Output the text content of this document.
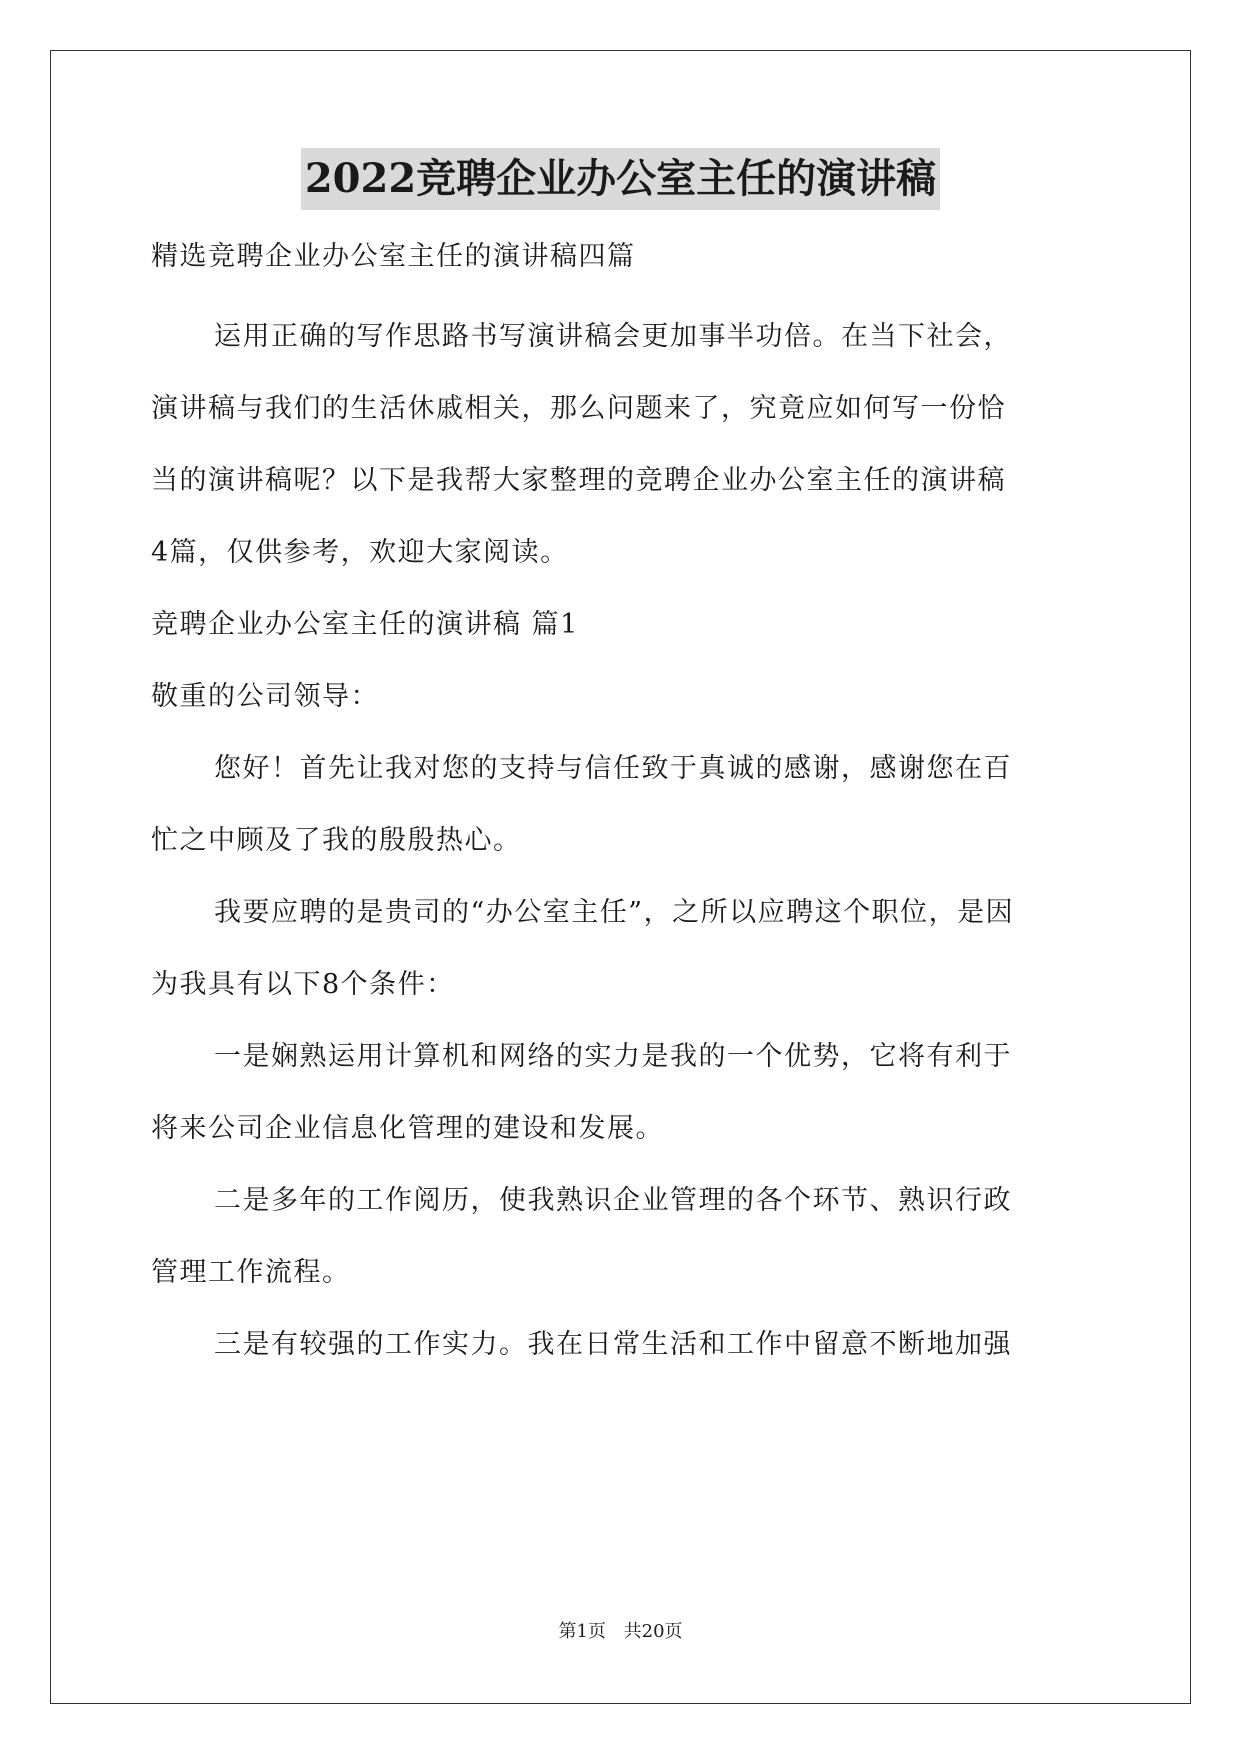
2022竞聘企业办公室主任的演讲稿
精选竞聘企业办公室主任的演讲稿四篇
运用正确的写作思路书写演讲稿会更加事半功倍。在当下社会，
演讲稿与我们的生活休戚相关，那么问题来了，究竟应如何写一份恰
当的演讲稿呢？以下是我帮大家整理的竞聘企业办公室主任的演讲稿
4篇，仅供参考，欢迎大家阅读。
竞聘企业办公室主任的演讲稿 篇1
敬重的公司领导：
您好！首先让我对您的支持与信任致于真诚的感谢，感谢您在百
忙之中顾及了我的殷殷热心。
我要应聘的是贵司的“办公室主任”，之所以应聘这个职位，是因
为我具有以下8个条件：
一是娴熟运用计算机和网络的实力是我的一个优势，它将有利于
将来公司企业信息化管理的建设和发展。
二是多年的工作阅历，使我熟识企业管理的各个环节、熟识行政
管理工作流程。
三是有较强的工作实力。我在日常生活和工作中留意不断地加强
第1页 共20页
